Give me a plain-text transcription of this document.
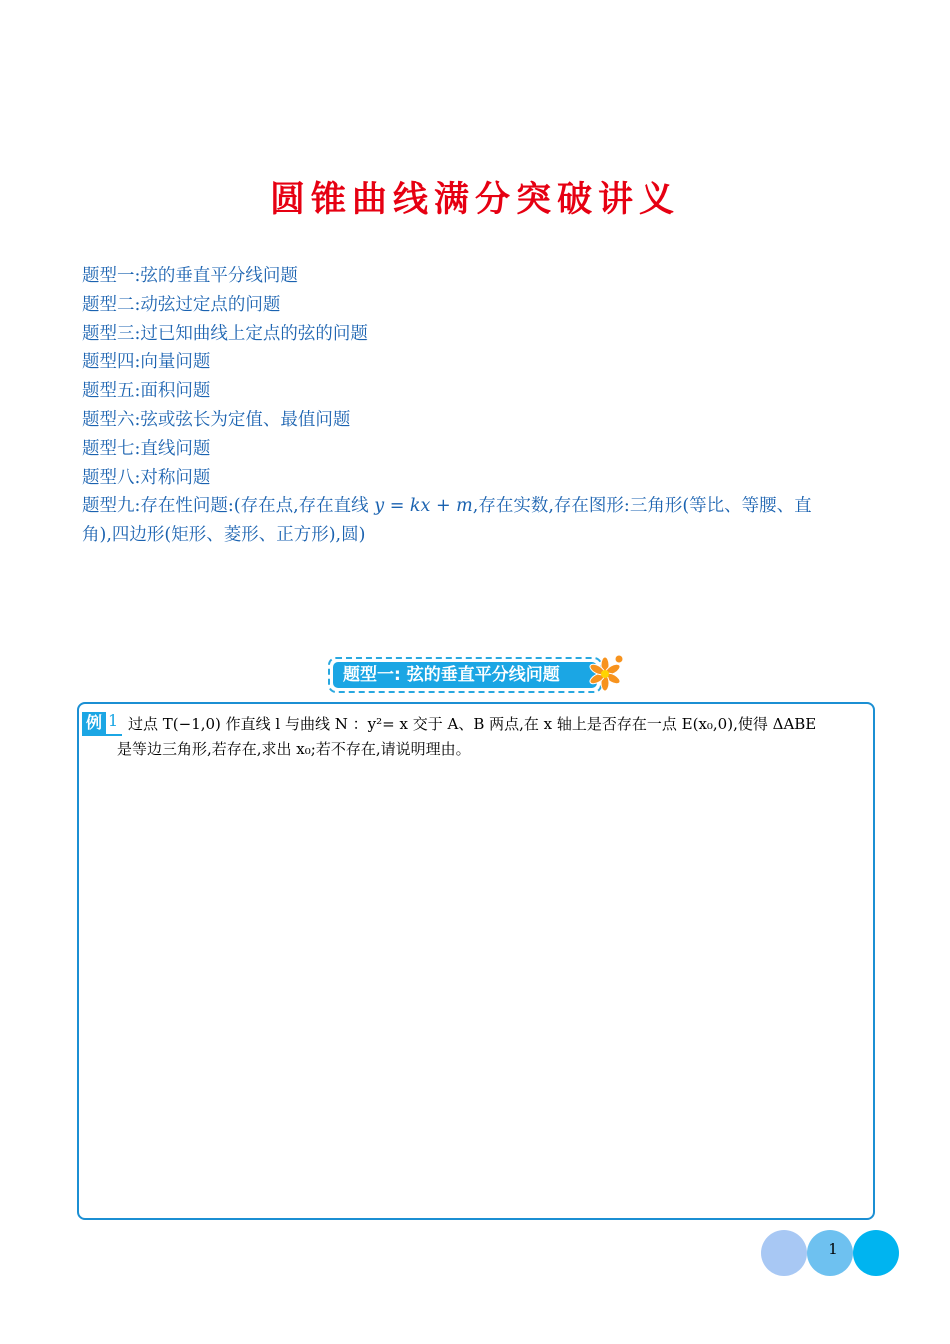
圆锥曲线满分突破讲义
题型一:弦的垂直平分线问题
题型二:动弦过定点的问题
题型三:过已知曲线上定点的弦的问题
题型四:向量问题
题型五:面积问题
题型六:弦或弦长为定值、最值问题
题型七:直线问题
题型八:对称问题
题型九:存在性问题:(存在点,存在直线 y = kx + m,存在实数,存在图形:三角形(等比、等腰、直
角),四边形(矩形、菱形、正方形),圆)
题型一: 弦的垂直平分线问题
例 1 过点 T(−1,0) 作直线 l 与曲线 N ：y²= x 交于 A、B 两点,在 x 轴上是否存在一点 E(x₀,0),使得 ΔABE
是等边三角形,若存在,求出 x₀;若不存在,请说明理由。
1
